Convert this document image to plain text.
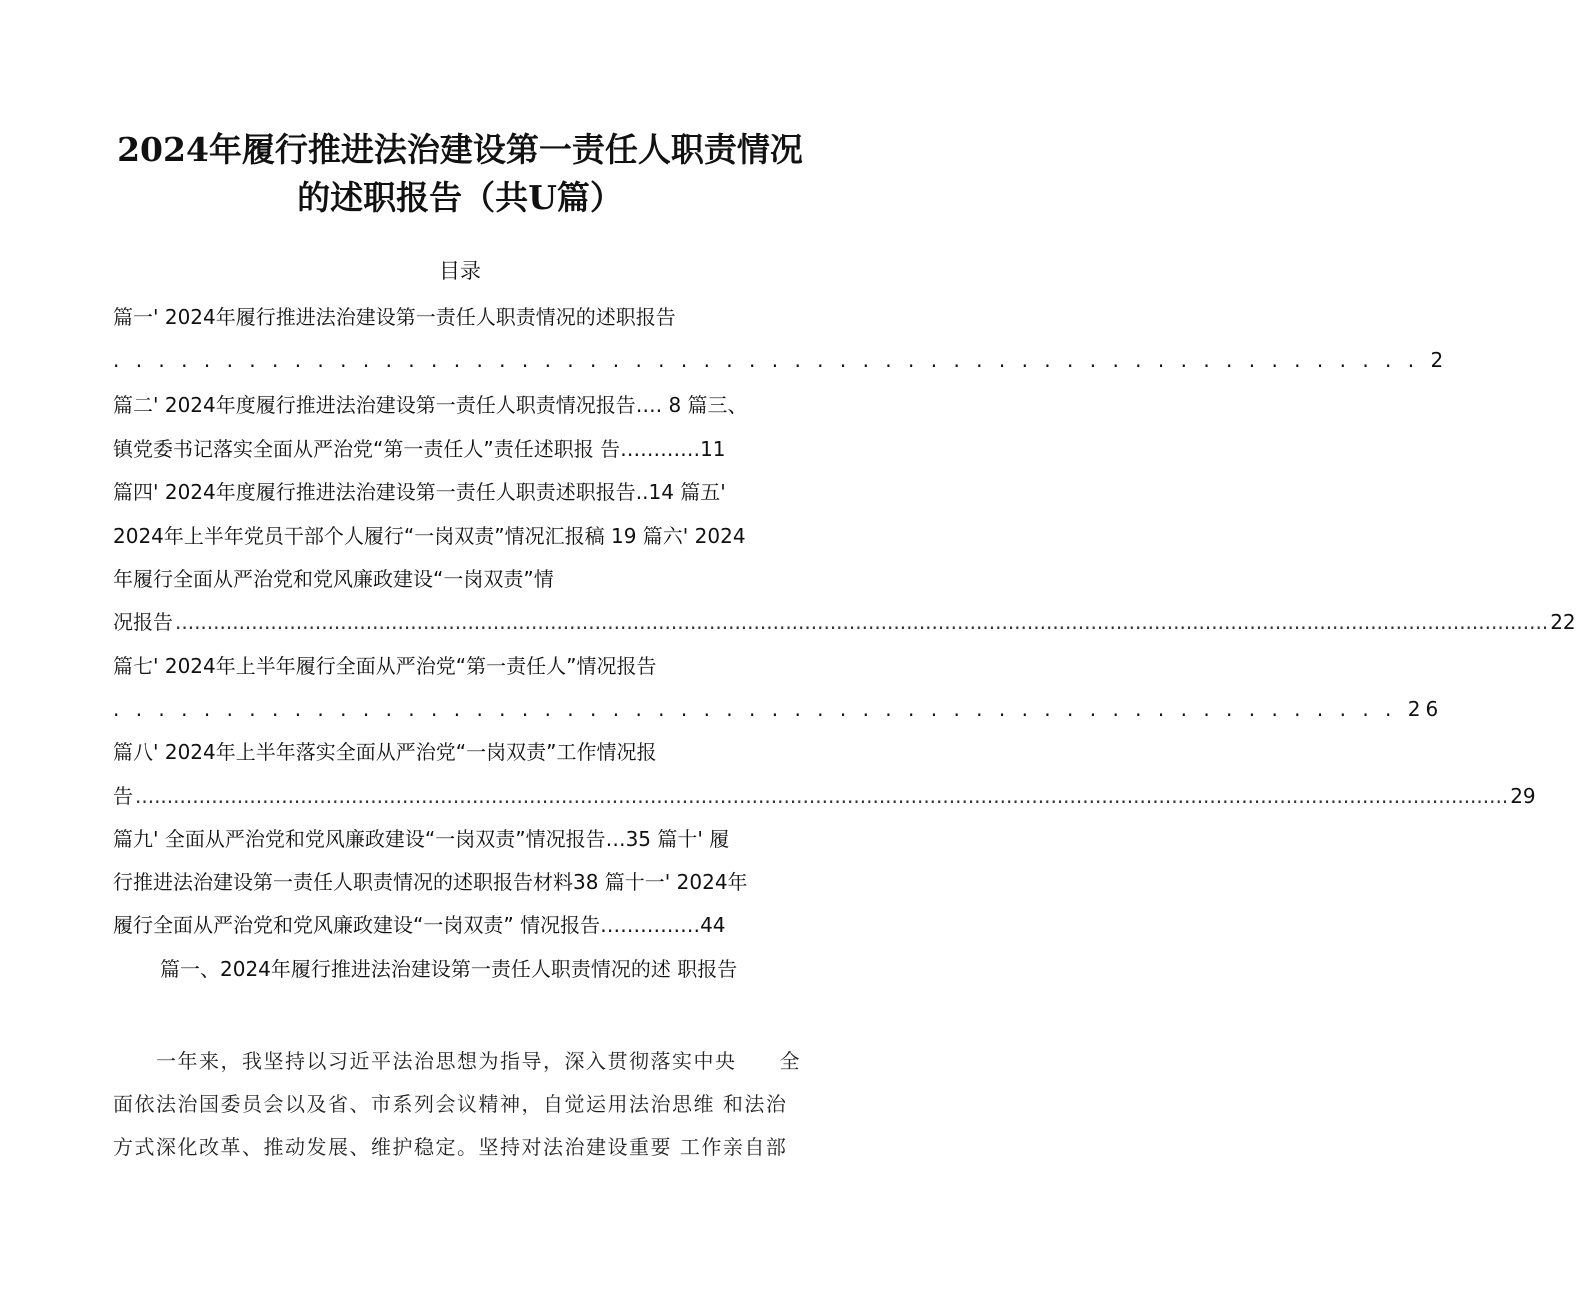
2024年履行推进法治建设第一责任人职责情况
的述职报告（共U篇）
目录
篇一' 2024年履行推进法治建设第一责任人职责情况的述职报告
. . . . . . . . . . . . . . . . . . . . . . . . . . . . . . . . . . . . . . . . . . . . . . . . . . . . . . . . . . 2
篇二' 2024年度履行推进法治建设第一责任人职责情况报告…. 8 篇三、
镇党委书记落实全面从严治党“第一责任人”责任述职报 告…………11
篇四' 2024年度履行推进法治建设第一责任人职责述职报告..14 篇五'
2024年上半年党员干部个人履行“一岗双责”情况汇报稿 19 篇六' 2024
年履行全面从严治党和党风廉政建设“一岗双责”情
况报告 .....	22
篇七' 2024年上半年履行全面从严治党“第一责任人”情况报告
. . . . . . . . . . . . . . . . . . . . . . . . . . . . . . . . . . . . . . . . . . . . . . . . . . . . . . . . . 26
篇八' 2024年上半年落实全面从严治党“一岗双责”工作情况报
告 .....	29
篇九' 全面从严治党和党风廉政建设“一岗双责”情况报告…35 篇十' 履
行推进法治建设第一责任人职责情况的述职报告材料38 篇十一' 2024年
履行全面从严治党和党风廉政建设“一岗双责” 情况报告……………44
篇一、2024年履行推进法治建设第一责任人职责情况的述 职报告
　　一年来，我坚持以习近平法治思想为指导，深入贯彻落实中央　　全
面依法治国委员会以及省、市系列会议精神，自觉运用法治思维 和法治
方式深化改革、推动发展、维护稳定。坚持对法治建设重要 工作亲自部
